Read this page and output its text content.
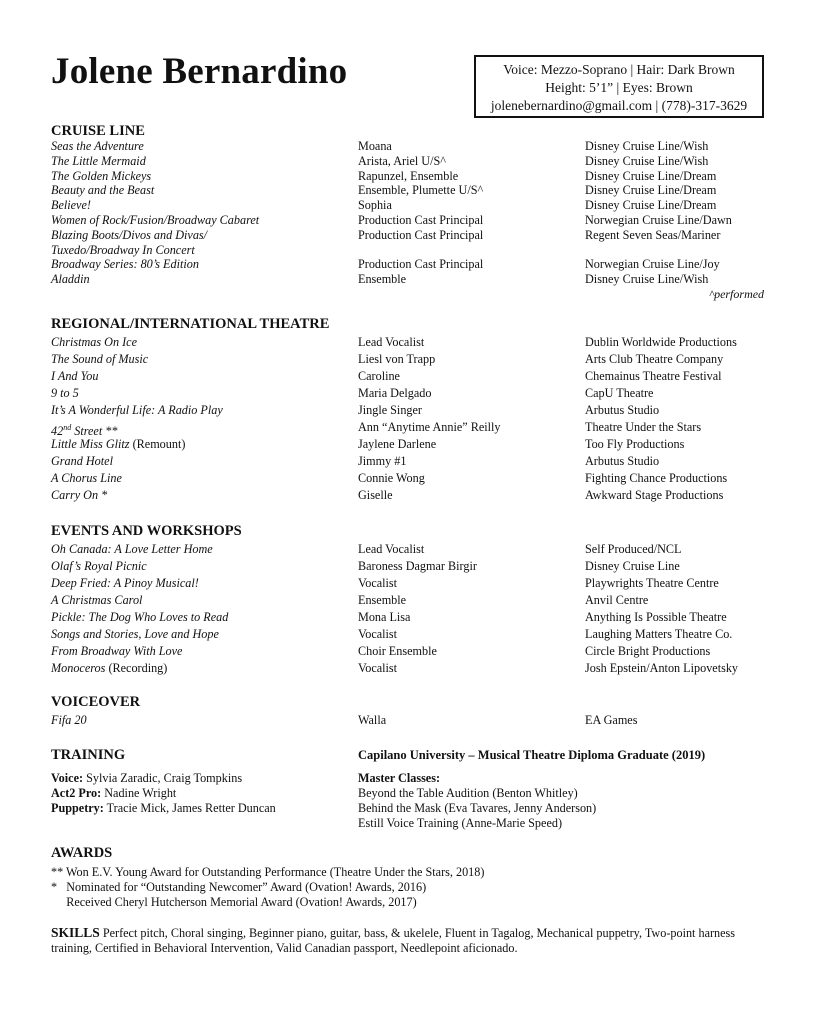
Jolene Bernardino	Voice: Mezzo-Soprano | Hair: Dark Brown
Height: 5’1” | Eyes: Brown
jolenebernardino@gmail.com | (778)-317-3629
CRUISE LINE
Seas the Adventure	Moana	Disney Cruise Line/Wish
The Little Mermaid	Arista, Ariel U/S^	Disney Cruise Line/Wish
The Golden Mickeys	Rapunzel, Ensemble	Disney Cruise Line/Dream
Beauty and the Beast	Ensemble, Plumette U/S^	Disney Cruise Line/Dream
Believe!	Sophia	Disney Cruise Line/Dream
Women of Rock/Fusion/Broadway Cabaret	Production Cast Principal	Norwegian Cruise Line/Dawn
Blazing Boots/Divos and Divas/	Production Cast Principal	Regent Seven Seas/Mariner
Tuxedo/Broadway In Concert
Broadway Series: 80’s Edition	Production Cast Principal	Norwegian Cruise Line/Joy
Aladdin	Ensemble	Disney Cruise Line/Wish
^performed
REGIONAL/INTERNATIONAL THEATRE
Christmas On Ice	Lead Vocalist	Dublin Worldwide Productions
The Sound of Music	Liesl von Trapp	Arts Club Theatre Company
I And You	Caroline	Chemainus Theatre Festival
9 to 5	Maria Delgado	CapU Theatre
It’s A Wonderful Life: A Radio Play	Jingle Singer	Arbutus Studio
42nd Street **	Ann “Anytime Annie” Reilly	Theatre Under the Stars
Little Miss Glitz (Remount)	Jaylene Darlene	Too Fly Productions
Grand Hotel	Jimmy #1	Arbutus Studio
A Chorus Line	Connie Wong	Fighting Chance Productions
Carry On *	Giselle	Awkward Stage Productions
EVENTS AND WORKSHOPS
Oh Canada: A Love Letter Home	Lead Vocalist	Self Produced/NCL
Olaf’s Royal Picnic	Baroness Dagmar Birgir	Disney Cruise Line
Deep Fried: A Pinoy Musical!	Vocalist	Playwrights Theatre Centre
A Christmas Carol	Ensemble	Anvil Centre
Pickle: The Dog Who Loves to Read	Mona Lisa	Anything Is Possible Theatre
Songs and Stories, Love and Hope	Vocalist	Laughing Matters Theatre Co.
From Broadway With Love	Choir Ensemble	Circle Bright Productions
Monoceros (Recording)	Vocalist	Josh Epstein/Anton Lipovetsky
VOICEOVER
Fifa 20	Walla	EA Games
TRAINING	Capilano University – Musical Theatre Diploma Graduate (2019)
Voice: Sylvia Zaradic, Craig Tompkins
Act2 Pro: Nadine Wright
Puppetry: Tracie Mick, James Retter Duncan
Master Classes:
Beyond the Table Audition (Benton Whitley)
Behind the Mask (Eva Tavares, Jenny Anderson)
Estill Voice Training (Anne-Marie Speed)
AWARDS
** Won E.V. Young Award for Outstanding Performance (Theatre Under the Stars, 2018)
*   Nominated for “Outstanding Newcomer” Award (Ovation! Awards, 2016)
Received Cheryl Hutcherson Memorial Award (Ovation! Awards, 2017)
SKILLS Perfect pitch, Choral singing, Beginner piano, guitar, bass, & ukelele, Fluent in Tagalog, Mechanical puppetry, Two-point harness training, Certified in Behavioral Intervention, Valid Canadian passport, Needlepoint aficionado.
